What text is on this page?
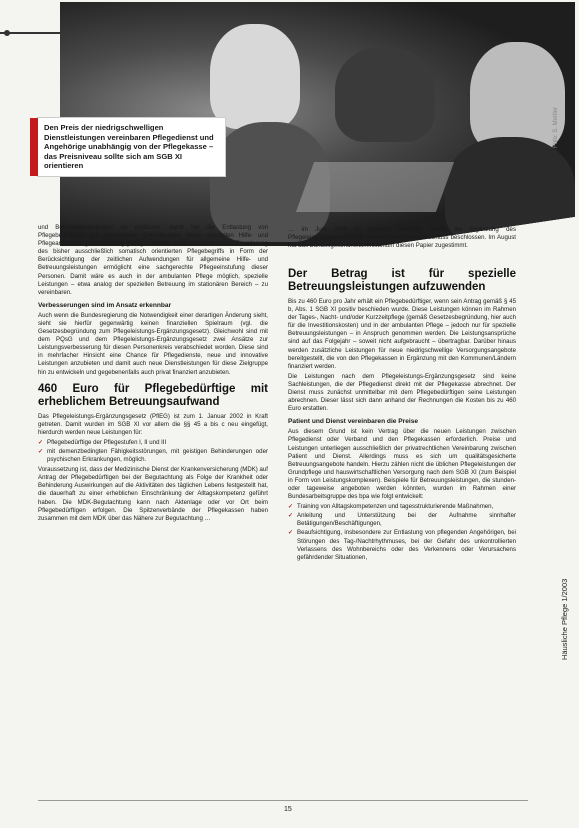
Foto: S. Mettler
Den Preis der niedrigschwelligen Dienstleistungen vereinbaren Pflegedienst und Angehörige unabhängig von der Pflegekasse – das Preisniveau sollte sich am SGB XI orientieren

… im Juni 2005 im Kabinett ebenfalls wurde die Ergänzung des Pflegeleistungsgesetzes mit einem Angleichungsbeschluss beschlossen. Im August hat das Bundesgesundheitsministerium diesen Papier zugestimmt.

und Betreuungsleistungen zu ergänzen, damit bei der Entlastung von Pflegebedürftigen mit dementiellen Erkrankungen deren speziellen Hilfe- und Pflegeanforderungen Rechnung getragen werden kann. Erst eine solche Erweiterung des bisher ausschließlich somatisch orientierten Pflegebegriffs in Form der Berücksichtigung der zeitlichen Aufwendungen für allgemeine Hilfe- und Betreuungsleistungen ermöglicht eine sachgerechte Pflegeeinstufung dieser Personen. Damit wäre es auch in der ambulanten Pflege möglich, spezielle Leistungen – etwa analog der speziellen Betreuung im stationären Bereich – zu vereinbaren.

Verbesserungen sind im Ansatz erkennbar

Auch wenn die Bundesregierung die Notwendigkeit einer derartigen Änderung sieht, sieht sie hierfür gegenwärtig keinen finanziellen Spielraum (vgl. die Gesetzesbegründung zum Pflegeleistungs-Ergänzungsgesetz). Gleichwohl sind mit dem PQsG und dem Pflegeleistungs-Ergänzungsgesetz zwei Ansätze zur Leistungsverbesserung für diesen Personenkreis verabschiedet worden. Diese sind in mehrfacher Hinsicht eine Chance für Pflegedienste, neue und innovative Leistungen anzubieten und damit auch neue Dienstleistungen für diese Zielgruppe hin zu entwickeln und gegebenenfalls auch privat finanziert anzubieten.

460 Euro für Pflegebedürftige mit erheblichem Betreuungsaufwand

Das Pflegeleistungs-Ergänzungsgesetz (PflEG) ist zum 1. Januar 2002 in Kraft getreten. Damit wurden im SGB XI vor allem die §§ 45 a bis c neu eingefügt, hierdurch werden neue Leistungen für:

✓ Pflegebedürftige der Pflegestufen I, II und III
✓ mit demenzbedingten Fähigkeitsstörungen, mit geistigen Behinderungen oder psychischen Erkrankungen, möglich.

Voraussetzung ist, dass der Medizinische Dienst der Krankenversicherung (MDK) auf Antrag der Pflegebedürftigen bei der Begutachtung als Folge der Krankheit oder Behinderung Auswirkungen auf die Aktivitäten des täglichen Lebens festgestellt hat, die dauerhaft zu einer erheblichen Einschränkung der Alltagskompetenz geführt haben. Die MDK-Begutachtung kann nach Aktenlage oder vor Ort beim Pflegebedürftigen erfolgen. Die Spitzenverbände der Pflegekassen haben zusammen mit dem MDK über das Nähere zur Begutachtung …

Der Betrag ist für spezielle Betreuungsleistungen aufzuwenden

Bis zu 460 Euro pro Jahr erhält ein Pflegebedürftiger, wenn sein Antrag gemäß § 45 b, Abs. 1 SGB XI positiv beschieden wurde. Diese Leistungen können im Rahmen der Tages-, Nacht- und/oder Kurzzeitpflege (gemäß Gesetzesbegründung, hier auch für die Investitionskosten) und in der ambulanten Pflege – jedoch nur für spezielle Betreuungsleistungen – in Anspruch genommen werden. Die Leistungsansprüche sind auf das Folgejahr – soweit nicht aufgebraucht – übertragbar. Darüber hinaus werden zusätzliche Leistungen für neue niedrigschwellige Versorgungsangebote bereitgestellt, die von den Pflegekassen in Ergänzung mit den Kommunen/Ländern finanziert werden.

Die Leistungen nach dem Pflegeleistungs-Ergänzungsgesetz sind keine Sachleistungen, die der Pflegedienst direkt mit der Pflegekasse abrechnet. Der Dienst muss zunächst unmittelbar mit dem Pflegebedürftigen seine Leistungen abrechnen. Dieser lässt sich dann anhand der Rechnungen die Kosten bis zu 460 Euro erstatten.

Patient und Dienst vereinbaren die Preise

Aus diesem Grund ist kein Vertrag über die neuen Leistungen zwischen Pflegedienst oder Verband und den Pflegekassen erforderlich. Preise und Leistungen unterliegen ausschließlich der privatrechtlichen Vereinbarung zwischen Patient und Dienst. Allerdings muss es sich um qualitätsgesicherte Betreuungsangebote handeln. Hierzu zählen nicht die üblichen Pflegeleistungen der Grundpflege und hauswirtschaftlichen Versorgung nach dem SGB XI (zum Beispiel in Form von Leistungskomplexen). Beispiele für Betreuungsleistungen, die stunden- oder tageweise angeboten werden könnten, wurden im Rahmen einer Bundesarbeitsgruppe des bpa wie folgt entwickelt:

✓ Training von Alltagskompetenzen und tagesstrukturierende Maßnahmen,
✓ Anleitung und Unterstützung bei der Aufnahme sinnhafter Betätigungen/Beschäftigungen,
✓ Beaufsichtigung, insbesondere zur Entlastung von pflegenden Angehörigen, bei Störungen des Tag-/Nachtrhythmuses, bei der Gefahr des unkontrollierten Verlassens des Wohnbereichs oder des Verkennens oder Verursachens gefährdender Situationen,
15
Häusliche Pflege 1/2003
